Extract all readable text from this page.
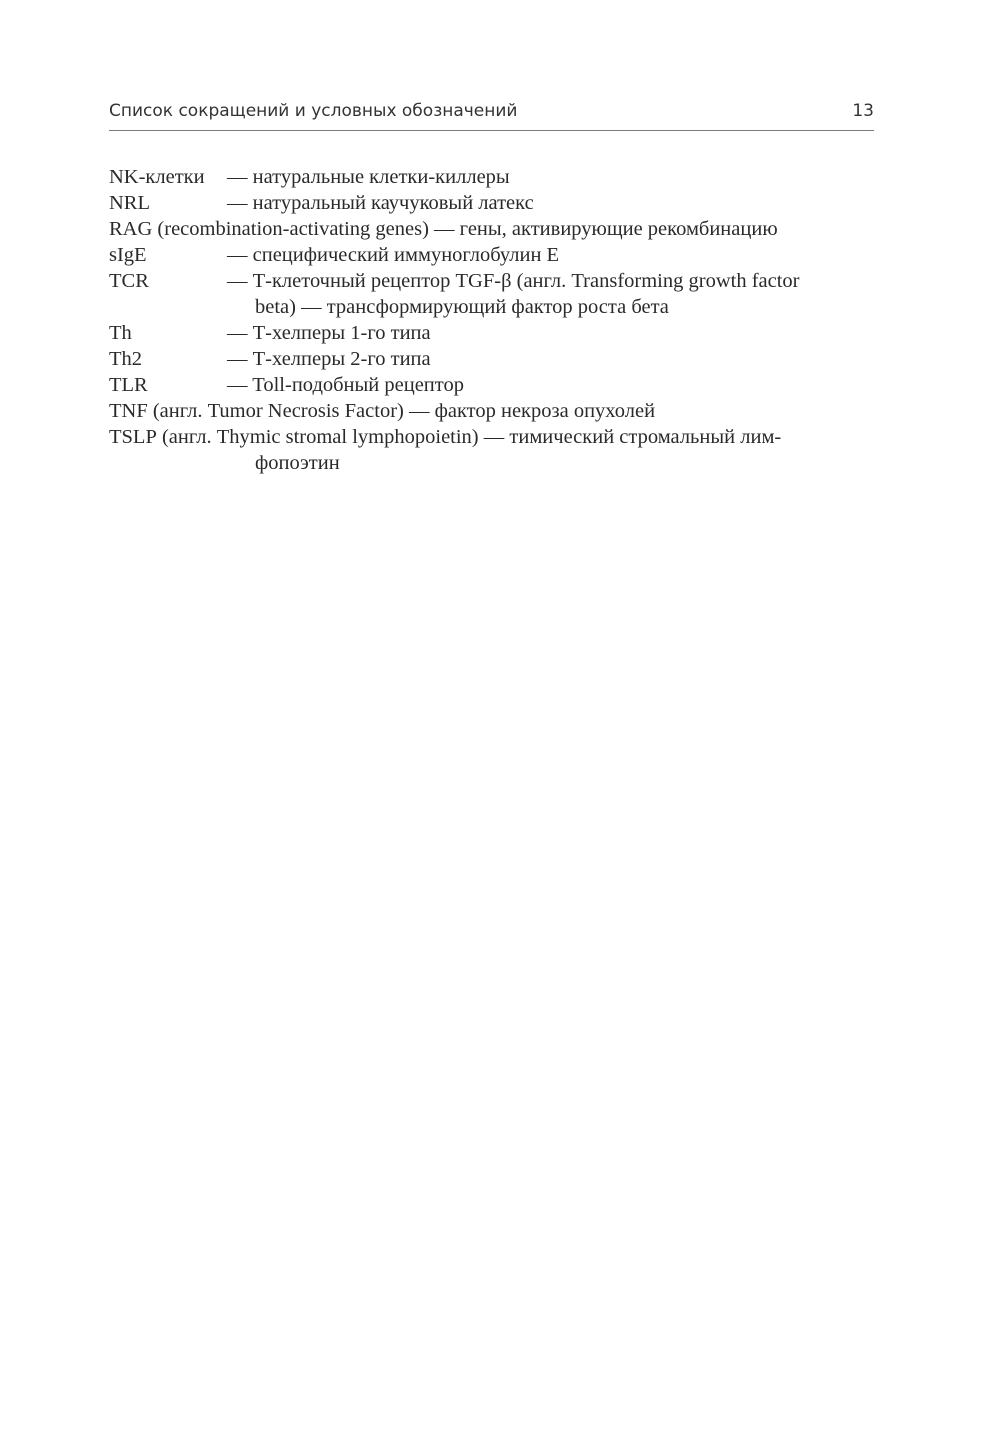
Список сокращений и условных обозначений	13
NK-клетки — натуральные клетки-киллеры
NRL	— натуральный каучуковый латекс
RAG (recombination-activating genes) — гены, активирующие рекомбинацию
sIgE	— специфический иммуноглобулин Е
TCR	— Т-клеточный рецептор TGF-β (англ. Transforming growth factor
beta) — трансформирующий фактор роста бета
Th	— Т-хелперы 1-го типа
Th2	— Т-хелперы 2-го типа
TLR	— Toll-подобный рецептор
TNF (англ. Tumor Necrosis Factor) — фактор некроза опухолей
TSLP (англ. Thymic stromal lymphopoietin) — тимический стромальный лим-
фопоэтин
